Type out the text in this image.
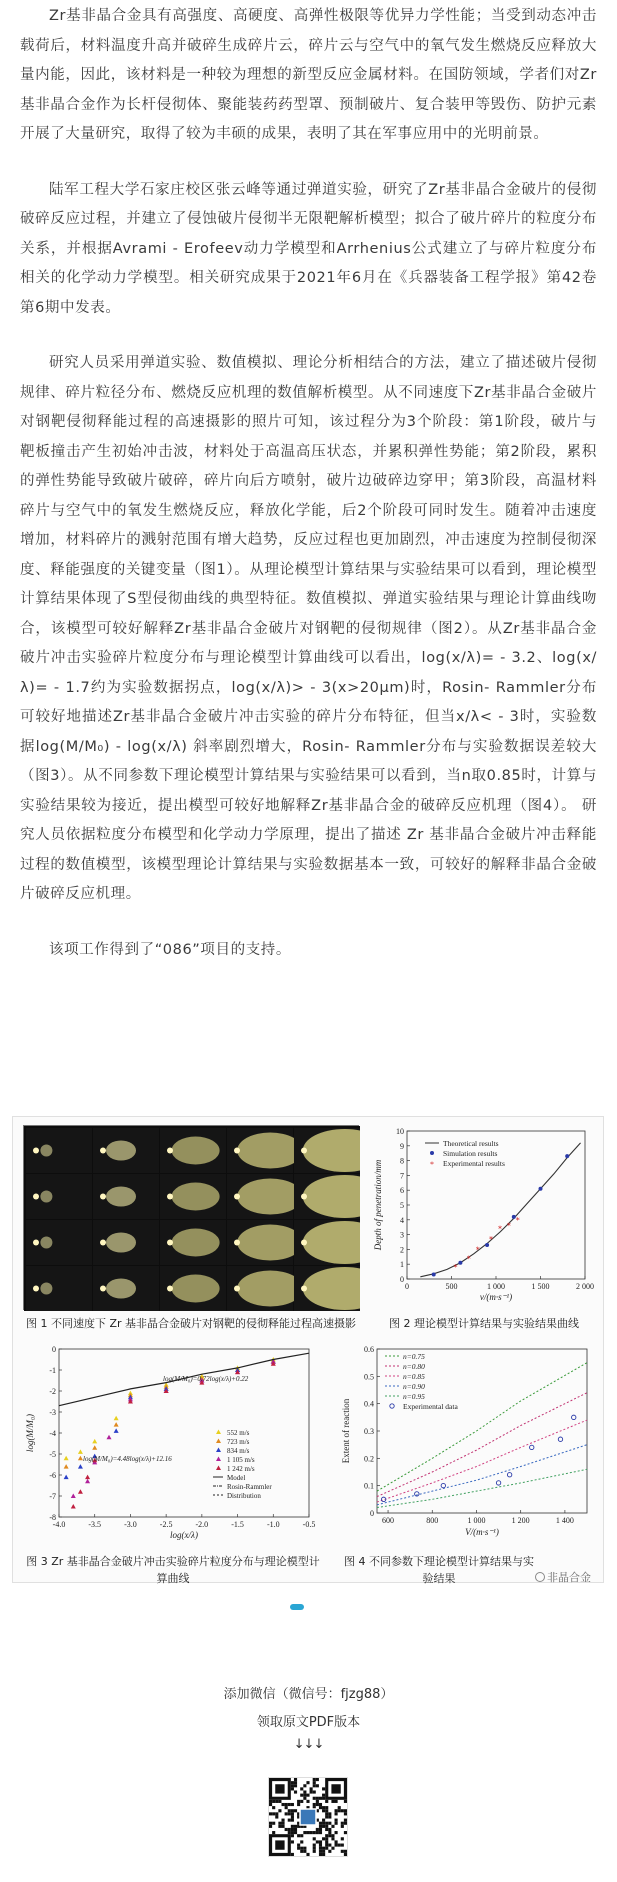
Zr基非晶合金具有高强度、高硬度、高弹性极限等优异力学性能；当受到动态冲击载荷后，材料温度升高并破碎生成碎片云，碎片云与空气中的氧气发生燃烧反应释放大量内能，因此，该材料是一种较为理想的新型反应金属材料。在国防领域，学者们对Zr基非晶合金作为长杆侵彻体、聚能装药药型罩、预制破片、复合装甲等毁伤、防护元素开展了大量研究，取得了较为丰硕的成果，表明了其在军事应用中的光明前景。

陆军工程大学石家庄校区张云峰等通过弹道实验，研究了Zr基非晶合金破片的侵彻破碎反应过程，并建立了侵蚀破片侵彻半无限靶解析模型；拟合了破片碎片的粒度分布关系，并根据Avrami - Erofeev动力学模型和Arrhenius公式建立了与碎片粒度分布相关的化学动力学模型。相关研究成果于2021年6月在《兵器装备工程学报》第42卷第6期中发表。

研究人员采用弹道实验、数值模拟、理论分析相结合的方法，建立了描述破片侵彻规律、碎片粒径分布、燃烧反应机理的数值解析模型。从不同速度下Zr基非晶合金破片对钢靶侵彻释能过程的高速摄影的照片可知，该过程分为3个阶段：第1阶段，破片与靶板撞击产生初始冲击波，材料处于高温高压状态，并累积弹性势能；第2阶段，累积的弹性势能导致破片破碎，碎片向后方喷射，破片边破碎边穿甲；第3阶段，高温材料碎片与空气中的氧发生燃烧反应，释放化学能，后2个阶段可同时发生。随着冲击速度增加，材料碎片的溅射范围有增大趋势，反应过程也更加剧烈，冲击速度为控制侵彻深度、释能强度的关键变量（图1）。从理论模型计算结果与实验结果可以看到，理论模型计算结果体现了S型侵彻曲线的典型特征。数值模拟、弹道实验结果与理论计算曲线吻合，该模型可较好解释Zr基非晶合金破片对钢靶的侵彻规律（图2）。从Zr基非晶合金破片冲击实验碎片粒度分布与理论模型计算曲线可以看出，log(x/λ)= - 3.2、log(x/λ)= - 1.7约为实验数据拐点，log(x/λ)> - 3(x>20μm)时，Rosin- Rammler分布可较好地描述Zr基非晶合金破片冲击实验的碎片分布特征，但当x/λ< - 3时，实验数据log(M/M₀) - log(x/λ) 斜率剧烈增大，Rosin- Rammler分布与实验数据误差较大（图3）。从不同参数下理论模型计算结果与实验结果可以看到，当n取0.85时，计算与实验结果较为接近，提出模型可较好地解释Zr基非晶合金的破碎反应机理（图4）。 研究人员依据粒度分布模型和化学动力学原理，提出了描述 Zr 基非晶合金破片冲击释能过程的数值模型，该模型理论计算结果与实验数据基本一致，可较好的解释非晶合金破片破碎反应机理。

该项工作得到了“086”项目的支持。

图 1 不同速度下 Zr 基非晶合金破片对钢靶的侵彻释能过程高速摄影
0	500	1 000	1 500	2 000
0
1
2
3
4
5
6
7
8
9
10
v/(m·s⁻¹)
Depth of penetration/mm
*
*
*
*
* *
*
Theoretical results
Simulation results
* Experimental results
图 2 理论模型计算结果与实验结果曲线
-4.0	-3.5	-3.0	-2.5	-2.0	-1.5	-1.0	-0.5
0
-1
-2
-3
-4
-5
-6
-7
-8
log(x/λ)
log(M/M₀)
log(M/M₀)=0.72log(x/λ)+0.22
log(M/M₀)=4.48log(x/λ)+12.16
552 m/s
723 m/s
834 m/s
1 105 m/s
1 242 m/s
Model
Rosin-Rammler
Distribution
图 3 Zr 基非晶合金破片冲击实验碎片粒度分布与理论模型计算曲线
600	800	1 000	1 200	1 400
0
0.1
0.2
0.3
0.4
0.5
0.6
V/(m·s⁻¹)
Extent of reaction
n=0.75
n=0.80
n=0.85
n=0.90
n=0.95
Experimental data
图 4 不同参数下理论模型计算结果与实验结果	非晶合金
添加微信（微信号：fjzg88）
领取原文PDF版本
↓↓↓
